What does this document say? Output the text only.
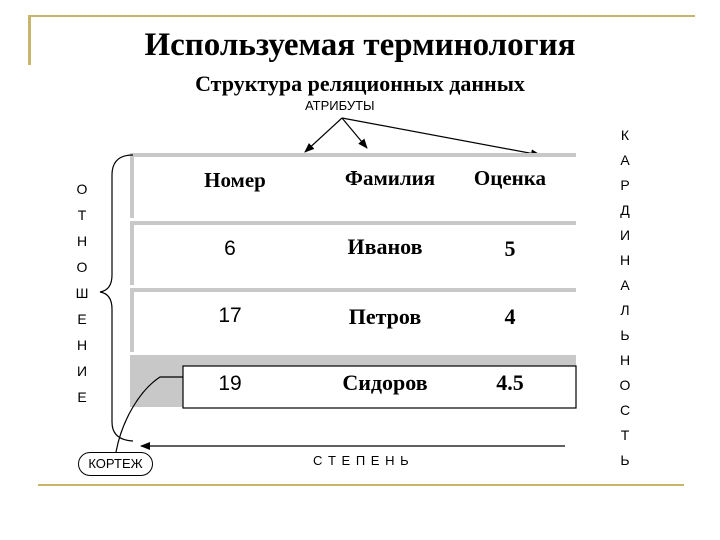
Используемая терминология
Структура реляционных данных
АТРИБУТЫ
О
Т
Н
О
Ш
Е
Н
И
Е
К
А
Р
Д
И
Н
А
Л
Ь
Н
О
С
Т
Ь
Номер	Фамилия	Оценка
6	Иванов	5
17	Петров	4
19	Сидоров	4.5
С Т Е П Е Н Ь
КОРТЕЖ
